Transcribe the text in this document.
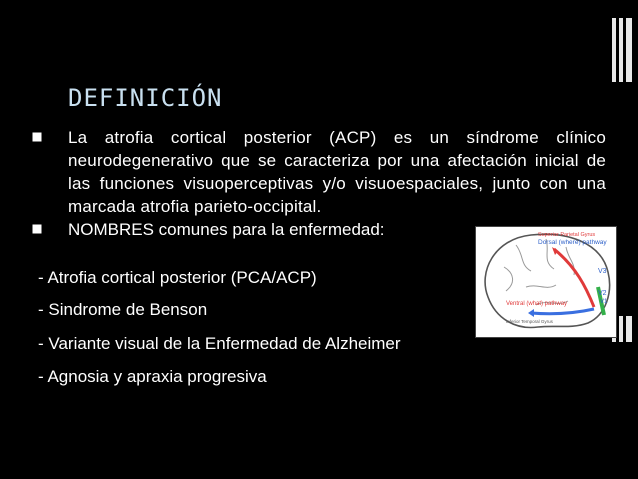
DEFINICIÓN
La atrofia cortical posterior (ACP) es un síndrome clínico neurodegenerativo que se caracteriza por una afectación inicial de las funciones visuoperceptivas y/o visuoespaciales, junto con una marcada atrofia parieto-occipital.
NOMBRES comunes para la enfermedad:
- Atrofia cortical posterior (PCA/ACP)
- Sindrome de Benson
- Variante visual de la Enfermedad de Alzheimer
- Agnosia y apraxia progresiva
Superior Parietal Gyrus
Dorsal (where) pathway
V3
V1
V2
Ventral (what) pathway
Inferior Temporal Gyrus
